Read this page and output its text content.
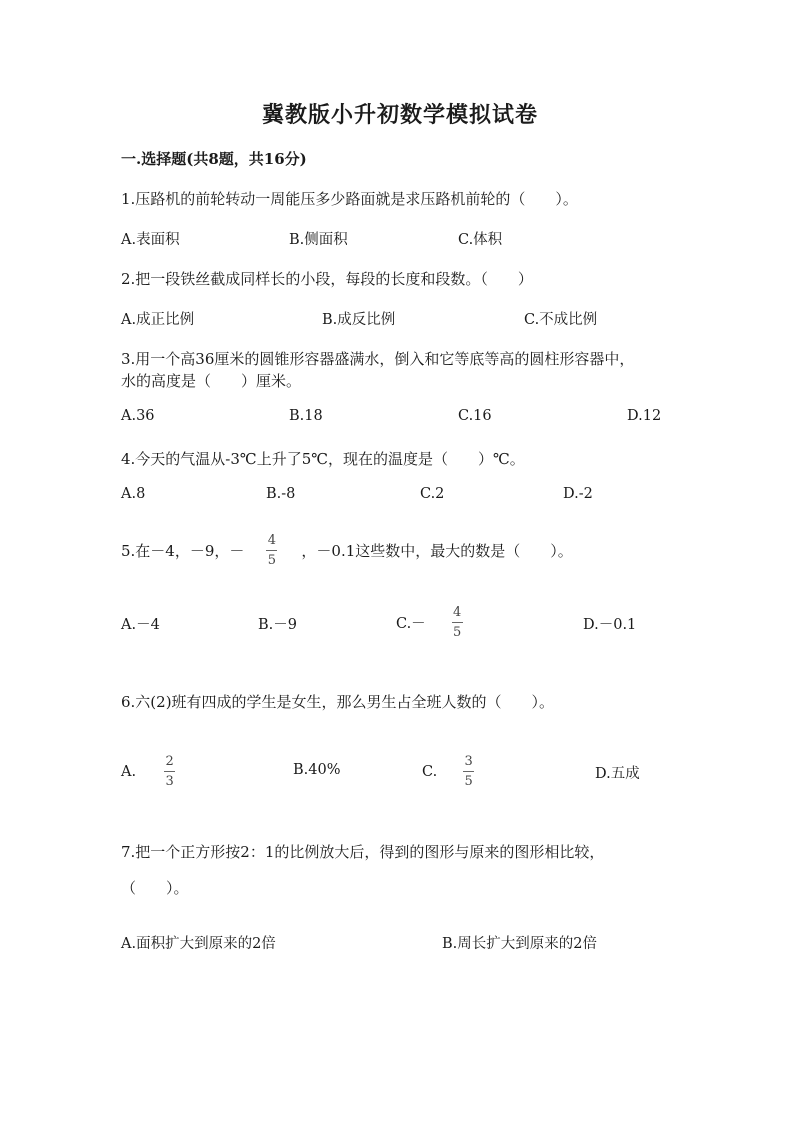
冀教版小升初数学模拟试卷
一.选择题(共8题，共16分)
1.压路机的前轮转动一周能压多少路面就是求压路机前轮的（　　）。
A.表面积	B.侧面积	C.体积
2.把一段铁丝截成同样长的小段，每段的长度和段数。（　　）
A.成正比例	B.成反比例	C.不成比例
3.用一个高36厘米的圆锥形容器盛满水，倒入和它等底等高的圆柱形容器中，
水的高度是（　　）厘米。
A.36	B.18	C.16	D.12
4.今天的气温从-3℃上升了5℃，现在的温度是（　　）℃。
A.8	B.-8	C.2	D.-2
5.在－4，－9，－ $\frac{4}{5}$ ，－0.1这些数中，最大的数是（　　）。
A.－4	B.－9	$C.- \frac{4}{5}$	D.－0.1
6.六(2)班有四成的学生是女生，那么男生占全班人数的（　　）。
A. $\frac{2}{3}$	B.40%	C. $\frac{3}{5}$	D.五成
7.把一个正方形按2：1的比例放大后，得到的图形与原来的图形相比较，
（　　）。
A.面积扩大到原来的2倍	B.周长扩大到原来的2倍
